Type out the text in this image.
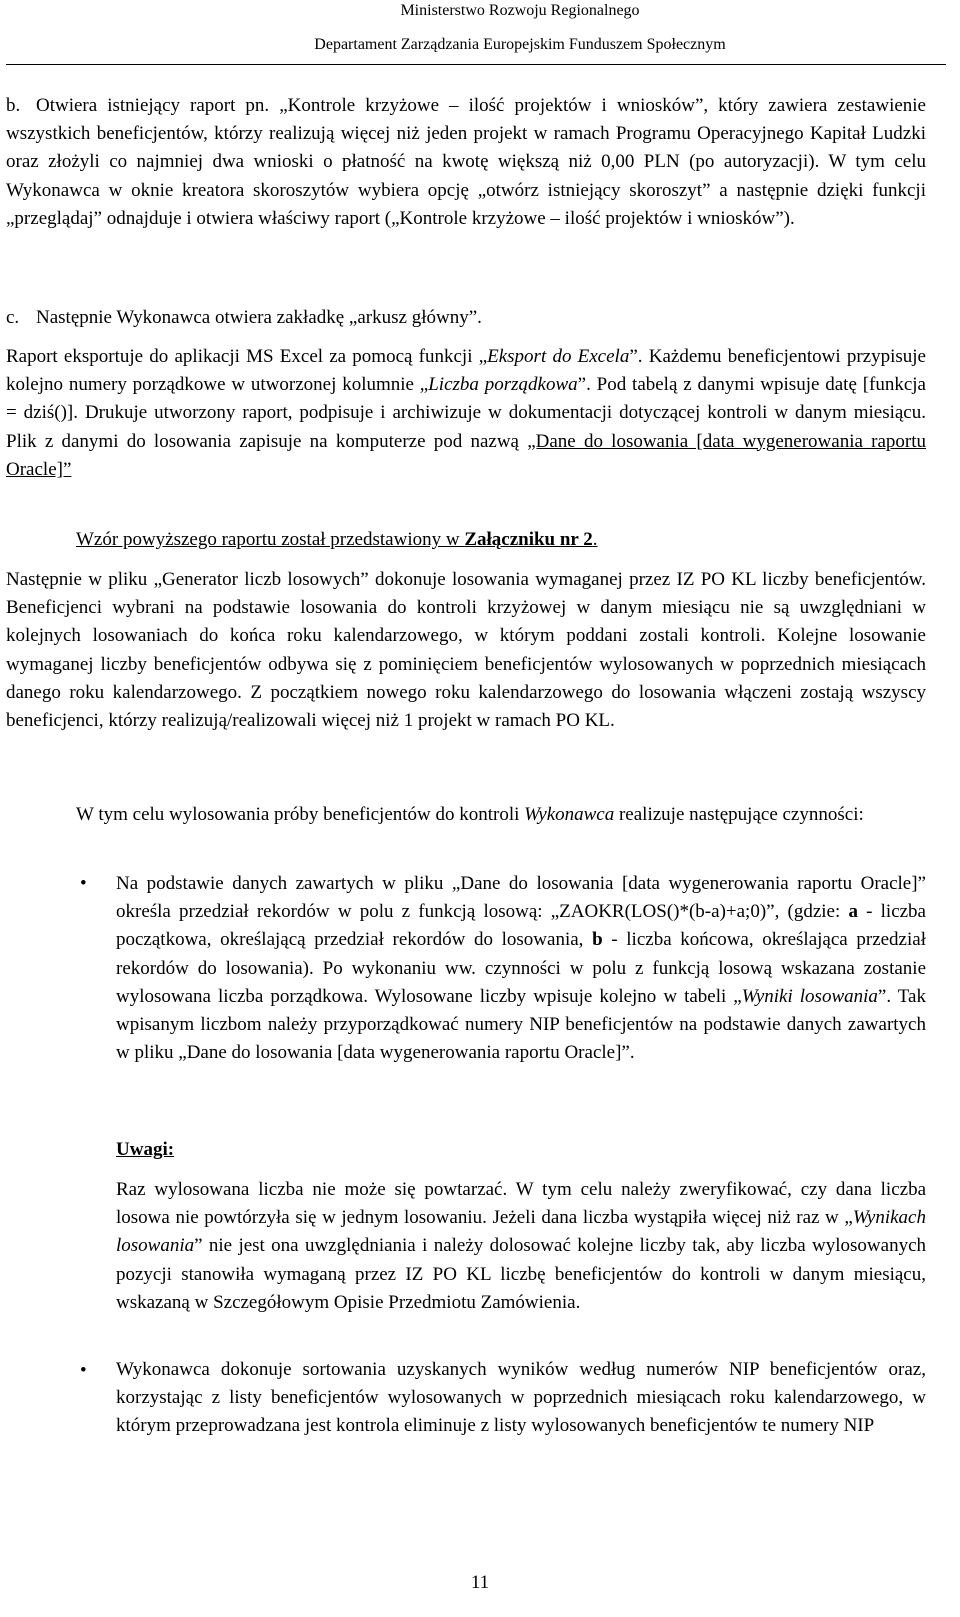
Ministerstwo Rozwoju Regionalnego
Departament Zarządzania Europejskim Funduszem Społecznym
b. Otwiera istniejący raport pn. „Kontrole krzyżowe – ilość projektów i wniosków”, który zawiera zestawienie wszystkich beneficjentów, którzy realizują więcej niż jeden projekt w ramach Programu Operacyjnego Kapitał Ludzki oraz złożyli co najmniej dwa wnioski o płatność na kwotę większą niż 0,00 PLN (po autoryzacji). W tym celu Wykonawca w oknie kreatora skoroszytów wybiera opcję „otwórz istniejący skoroszyt” a następnie dzięki funkcji „przeglądaj” odnajduje i otwiera właściwy raport („Kontrole krzyżowe – ilość projektów i wniosków”).
c. Następnie Wykonawca otwiera zakładkę „arkusz główny”.
Raport eksportuje do aplikacji MS Excel za pomocą funkcji „Eksport do Excela”. Każdemu beneficjentowi przypisuje kolejno numery porządkowe w utworzonej kolumnie „Liczba porządkowa”. Pod tabelą z danymi wpisuje datę [funkcja = dziś()]. Drukuje utworzony raport, podpisuje i archiwizuje w dokumentacji dotyczącej kontroli w danym miesiącu. Plik z danymi do losowania zapisuje na komputerze pod nazwą „Dane do losowania [data wygenerowania raportu Oracle]”
Wzór powyższego raportu został przedstawiony w Załączniku nr 2.
Następnie w pliku „Generator liczb losowych” dokonuje losowania wymaganej przez IZ PO KL liczby beneficjentów. Beneficjenci wybrani na podstawie losowania do kontroli krzyżowej w danym miesiącu nie są uwzględniani w kolejnych losowaniach do końca roku kalendarzowego, w którym poddani zostali kontroli. Kolejne losowanie wymaganej liczby beneficjentów odbywa się z pominięciem beneficjentów wylosowanych w poprzednich miesiącach danego roku kalendarzowego. Z początkiem nowego roku kalendarzowego do losowania włączeni zostają wszyscy beneficjenci, którzy realizują/realizowali więcej niż 1 projekt w ramach PO KL.
W tym celu wylosowania próby beneficjentów do kontroli Wykonawca realizuje następujące czynności:
• Na podstawie danych zawartych w pliku „Dane do losowania [data wygenerowania raportu Oracle]” określa przedział rekordów w polu z funkcją losową: „ZAOKR(LOS()*(b-a)+a;0)”, (gdzie: a - liczba początkowa, określającą przedział rekordów do losowania, b - liczba końcowa, określająca przedział rekordów do losowania). Po wykonaniu ww. czynności w polu z funkcją losową wskazana zostanie wylosowana liczba porządkowa. Wylosowane liczby wpisuje kolejno w tabeli „Wyniki losowania”. Tak wpisanym liczbom należy przyporządkować numery NIP beneficjentów na podstawie danych zawartych w pliku „Dane do losowania [data wygenerowania raportu Oracle]”.
Uwagi:
Raz wylosowana liczba nie może się powtarzać. W tym celu należy zweryfikować, czy dana liczba losowa nie powtórzyła się w jednym losowaniu. Jeżeli dana liczba wystąpiła więcej niż raz w „Wynikach losowania” nie jest ona uwzględniania i należy dolosować kolejne liczby tak, aby liczba wylosowanych pozycji stanowiła wymaganą przez IZ PO KL liczbę beneficjentów do kontroli w danym miesiącu, wskazaną w Szczegółowym Opisie Przedmiotu Zamówienia.
• Wykonawca dokonuje sortowania uzyskanych wyników według numerów NIP beneficjentów oraz, korzystając z listy beneficjentów wylosowanych w poprzednich miesiącach roku kalendarzowego, w którym przeprowadzana jest kontrola eliminuje z listy wylosowanych beneficjentów te numery NIP
11
